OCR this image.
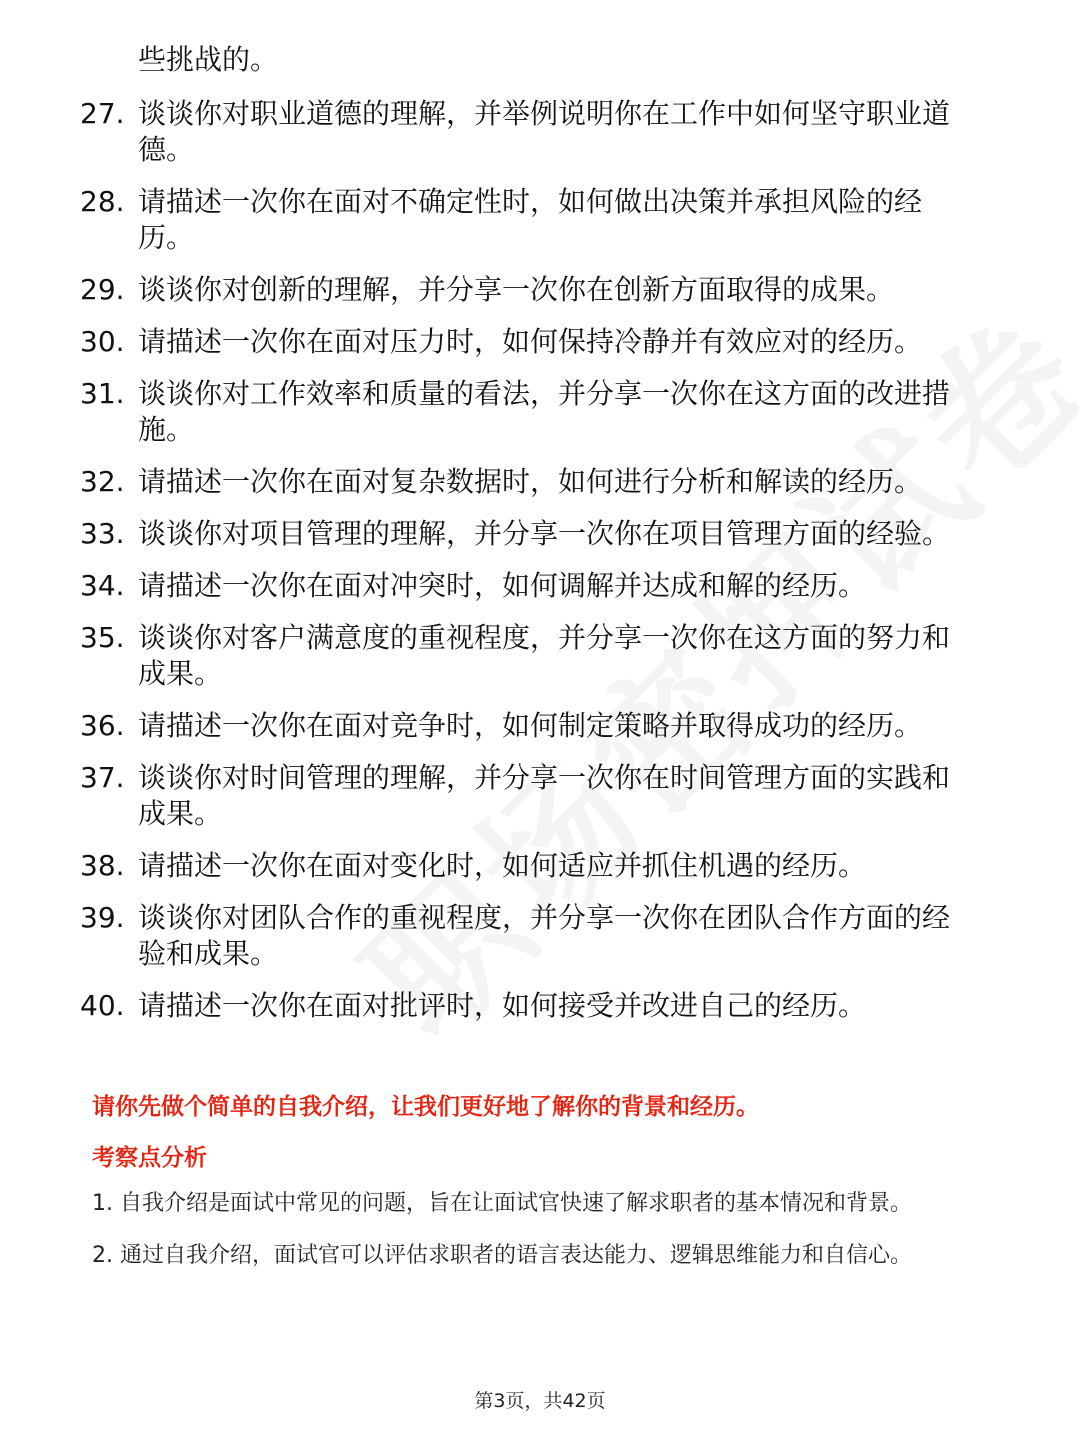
些挑战的。
27. 谈谈你对职业道德的理解，并举例说明你在工作中如何坚守职业道德。
28. 请描述一次你在面对不确定性时，如何做出决策并承担风险的经历。
29. 谈谈你对创新的理解，并分享一次你在创新方面取得的成果。
30. 请描述一次你在面对压力时，如何保持冷静并有效应对的经历。
31. 谈谈你对工作效率和质量的看法，并分享一次你在这方面的改进措施。
32. 请描述一次你在面对复杂数据时，如何进行分析和解读的经历。
33. 谈谈你对项目管理的理解，并分享一次你在项目管理方面的经验。
34. 请描述一次你在面对冲突时，如何调解并达成和解的经历。
35. 谈谈你对客户满意度的重视程度，并分享一次你在这方面的努力和成果。
36. 请描述一次你在面对竞争时，如何制定策略并取得成功的经历。
37. 谈谈你对时间管理的理解，并分享一次你在时间管理方面的实践和成果。
38. 请描述一次你在面对变化时，如何适应并抓住机遇的经历。
39. 谈谈你对团队合作的重视程度，并分享一次你在团队合作方面的经验和成果。
40. 请描述一次你在面对批评时，如何接受并改进自己的经历。
请你先做个简单的自我介绍，让我们更好地了解你的背景和经历。
考察点分析

1. 自我介绍是面试中常见的问题，旨在让面试官快速了解求职者的基本情况和背景。

2. 通过自我介绍，面试官可以评估求职者的语言表达能力、逻辑思维能力和自信心。

第3页，共42页
